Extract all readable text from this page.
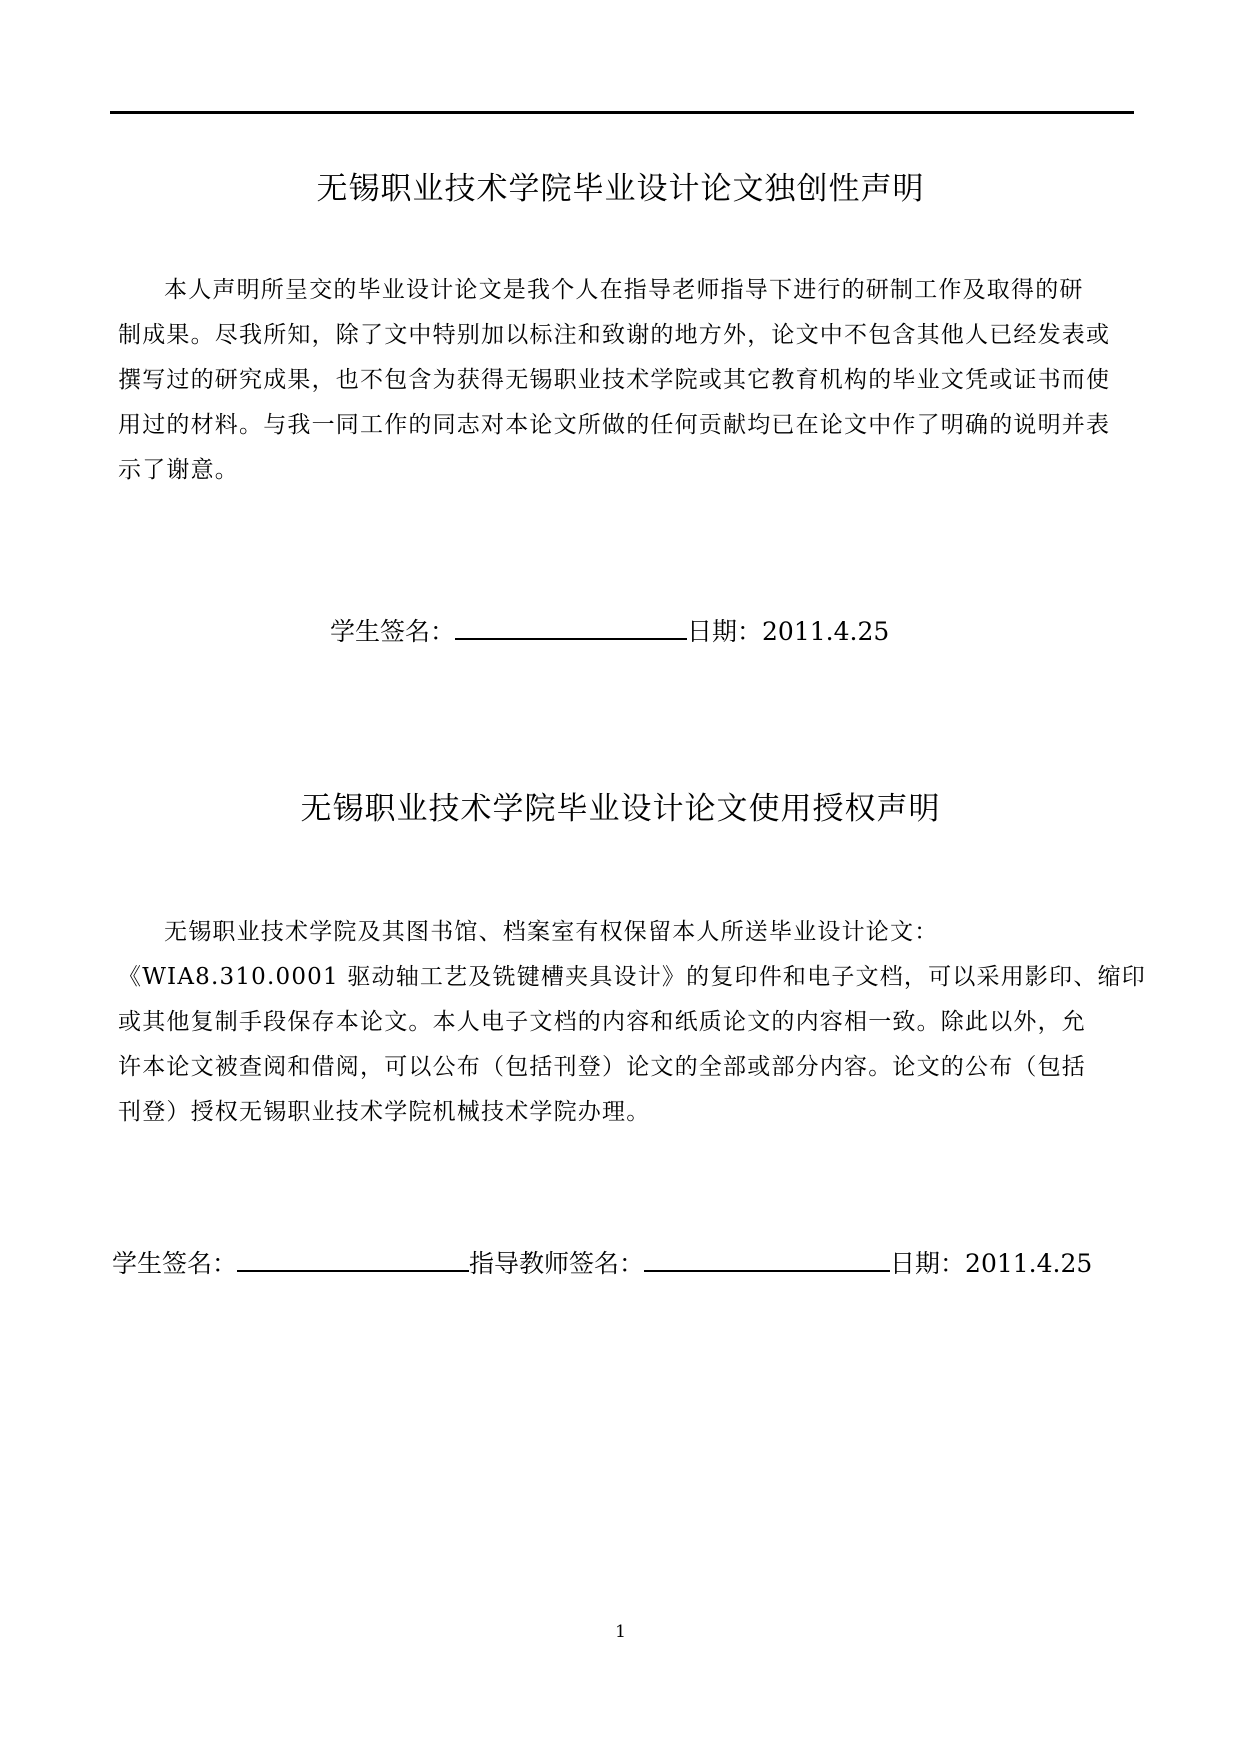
无锡职业技术学院毕业设计论文独创性声明
本人声明所呈交的毕业设计论文是我个人在指导老师指导下进行的研制工作及取得的研
制成果。尽我所知，除了文中特别加以标注和致谢的地方外，论文中不包含其他人已经发表或
撰写过的研究成果，也不包含为获得无锡职业技术学院或其它教育机构的毕业文凭或证书而使
用过的材料。与我一同工作的同志对本论文所做的任何贡献均已在论文中作了明确的说明并表
示了谢意。
学生签名：	日期： 2011.4.25
无锡职业技术学院毕业设计论文使用授权声明
无锡职业技术学院及其图书馆、档案室有权保留本人所送毕业设计论文：
《WIA8.310.0001 驱动轴工艺及铣键槽夹具设计》的复印件和电子文档，可以采用影印、缩印
或其他复制手段保存本论文。本人电子文档的内容和纸质论文的内容相一致。除此以外，允
许本论文被查阅和借阅，可以公布（包括刊登）论文的全部或部分内容。论文的公布（包括
刊登）授权无锡职业技术学院机械技术学院办理。
学生签名：	指导教师签名：	日期： 2011.4.25
1
